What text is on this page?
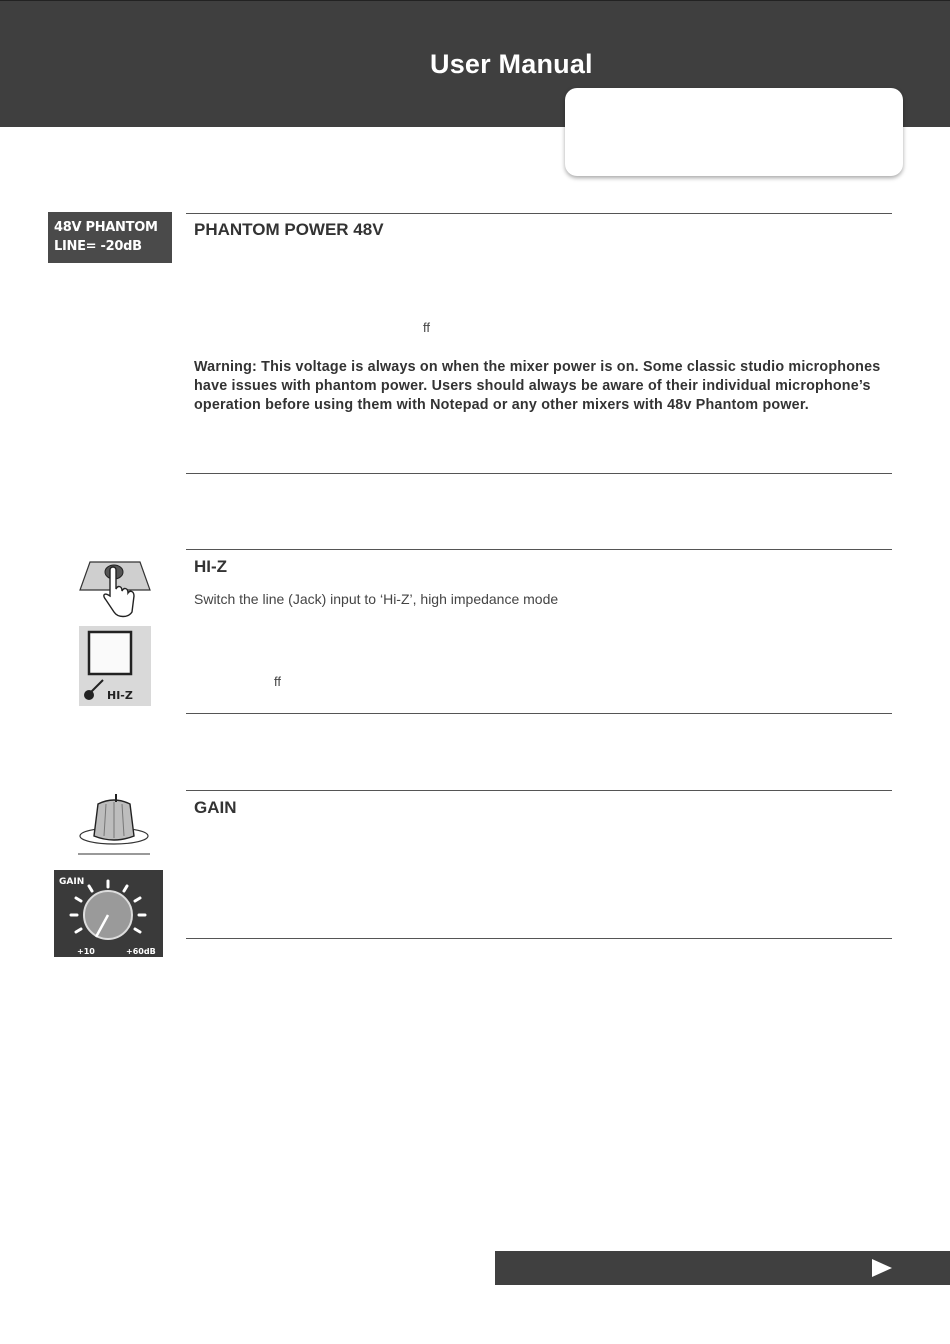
User Manual
48V PHANTOM
LINE= -20dB
PHANTOM POWER 48V

ff

Warning: This voltage is always on when the mixer power is on. Some classic studio microphones have issues with phantom power. Users should always be aware of their individual microphone’s operation before using them with Notepad or any other mixers with 48v Phantom power.

HI-Z
HI-Z

Switch the line (Jack) input to ‘Hi-Z’, high impedance mode

ff

GAIN
+10	+60dB
GAIN
